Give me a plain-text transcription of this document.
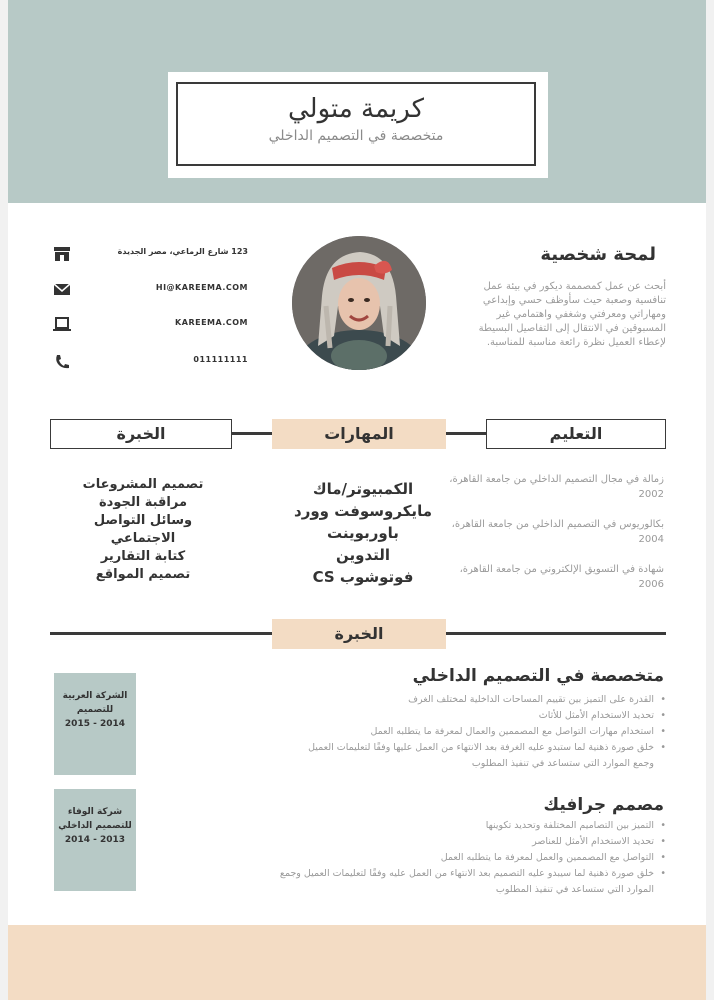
كريمة متولي
متخصصة في التصميم الداخلي
123 شارع الرماعي، مصر الجديدة
HI@KAREEMA.COM
KAREEMA.COM
011111111
لمحة شخصية
أبحث عن عمل كمصممة ديكور في بيئة عمل تنافسية وصعبة حيث سأوظف حسي وإبداعي ومهاراتي ومعرفتي وشغفي واهتمامي غير المسبوقين في الانتقال إلى التفاصيل البسيطة لإعطاء العميل نظرة رائعة مناسبة للمناسبة.
التعليم
المهارات
الخبرة
زمالة في مجال التصميم الداخلي من جامعة القاهرة، 2002
بكالوريوس في التصميم الداخلي من جامعة القاهرة، 2004
شهادة في التسويق الإلكتروني من جامعة القاهرة، 2006
الكمبيوتر/ماك
مايكروسوفت وورد
باوربوينت
التدوين
فوتوشوب CS
تصميم المشروعات
مراقبة الجودة
وسائل التواصل
الاجتماعي
كتابة التقارير
تصميم المواقع
الخبرة
الشركة العربية للتصميم
2014 - 2015
متخصصة في التصميم الداخلي
• القدرة على التميز بين تقييم المساحات الداخلية لمختلف الغرف
• تحديد الاستخدام الأمثل للأثاث
• استخدام مهارات التواصل مع المصممين والعمال لمعرفة ما يتطلبه العمل
• خلق صورة ذهنية لما ستبدو عليه الغرفة بعد الانتهاء من العمل عليها وفقًا لتعليمات العميل
وجمع الموارد التي ستساعد في تنفيذ المطلوب
شركة الوفاء للتصميم الداخلي
2013 - 2014
مصمم جرافيك
• التميز بين التصاميم المختلفة وتحديد تكوينها
• تحديد الاستخدام الأمثل للعناصر
• التواصل مع المصممين والعمل لمعرفة ما يتطلبه العمل
• خلق صورة ذهنية لما سيبدو عليه التصميم بعد الانتهاء من العمل عليه وفقًا لتعليمات العميل وجمع
الموارد التي ستساعد في تنفيذ المطلوب
